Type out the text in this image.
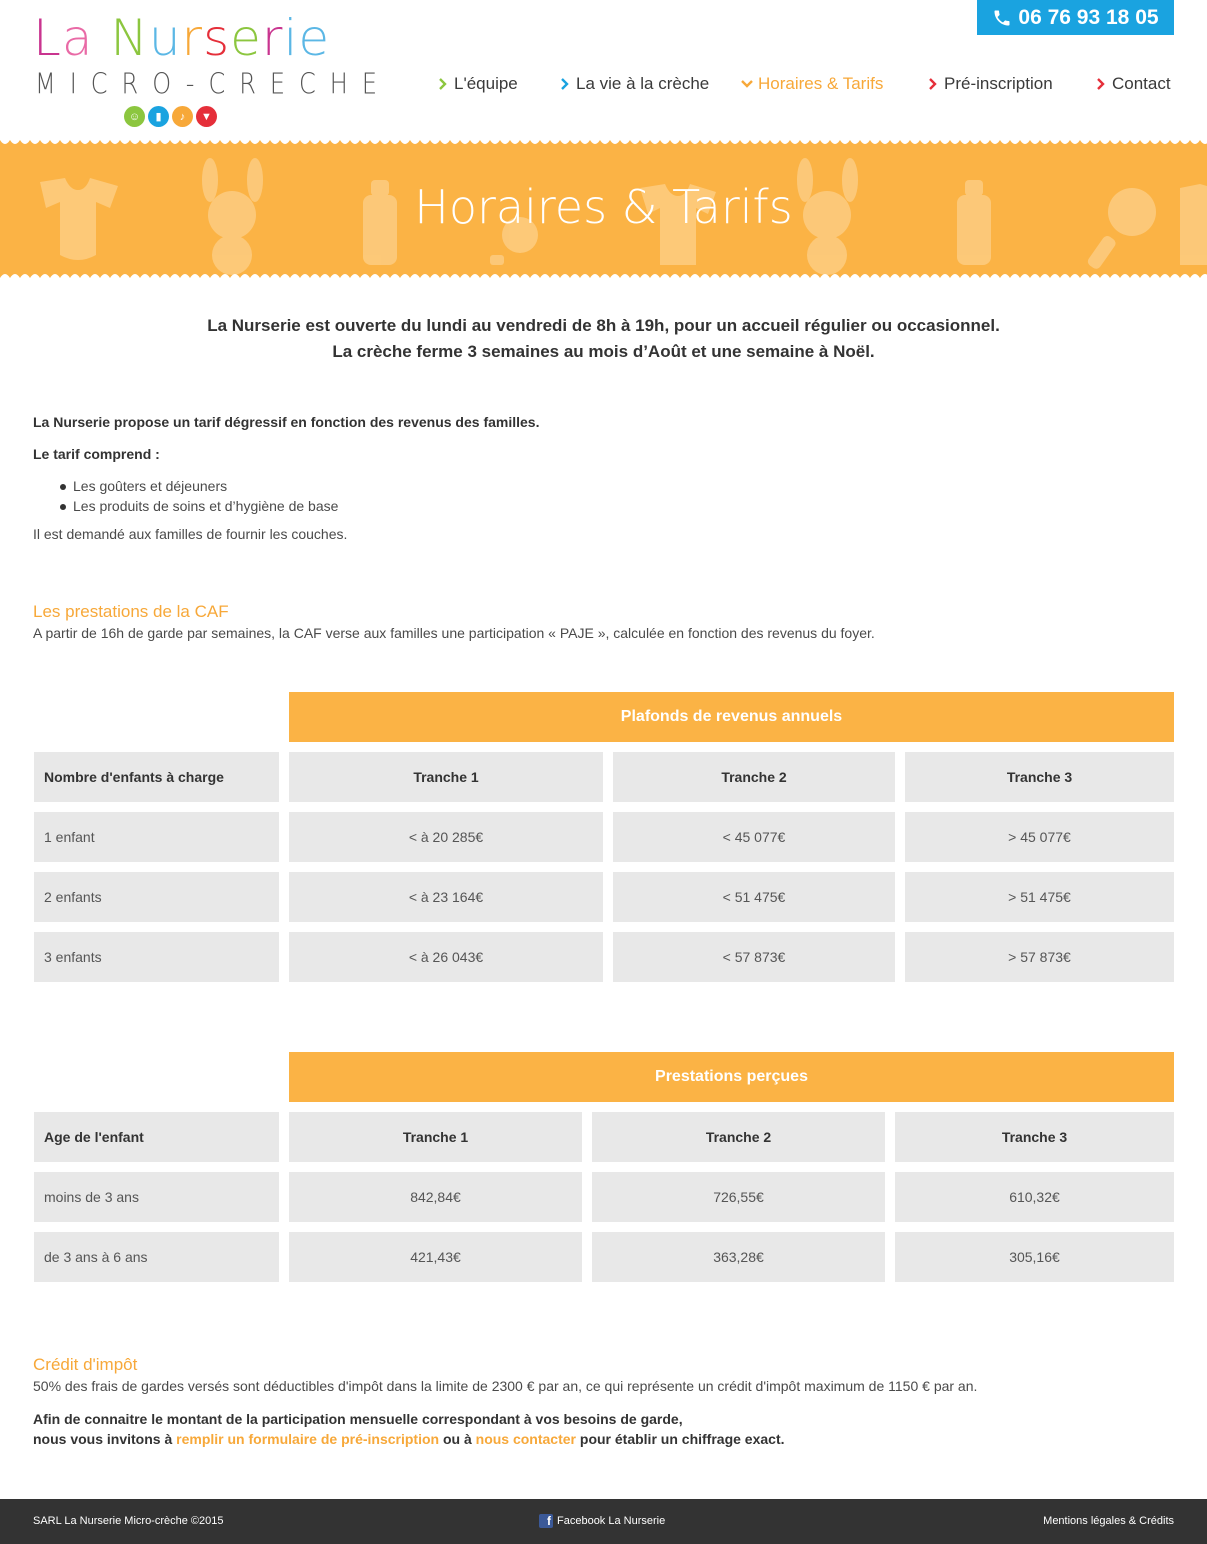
La Nurserie
MICRO-CRECHE
☺	▮	♪	▼
06 76 93 18 05
L'équipe	La vie à la crèche	Horaires & Tarifs	Pré-inscription	Contact
Horaires & Tarifs
La Nurserie est ouverte du lundi au vendredi de 8h à 19h, pour un accueil régulier ou occasionnel.
La crèche ferme 3 semaines au mois d’Août et une semaine à Noël.

La Nurserie propose un tarif dégressif en fonction des revenus des familles.

Le tarif comprend :

Les goûters et déjeuners
Les produits de soins et d’hygiène de base

Il est demandé aux familles de fournir les couches.

Les prestations de la CAF

A partir de 16h de garde par semaines, la CAF verse aux familles une participation « PAJE », calculée en fonction des revenus du foyer.

Plafonds de revenus annuels
Nombre d'enfants à charge	Tranche 1	Tranche 2	Tranche 3
1 enfant	< à 20 285€	< 45 077€	> 45 077€
2 enfants	< à 23 164€	< 51 475€	> 51 475€
3 enfants	< à 26 043€	< 57 873€	> 57 873€
Prestations perçues
Age de l'enfant	Tranche 1	Tranche 2	Tranche 3
moins de 3 ans	842,84€	726,55€	610,32€
de 3 ans à 6 ans	421,43€	363,28€	305,16€
Crédit d'impôt

50% des frais de gardes versés sont déductibles d'impôt dans la limite de 2300 € par an, ce qui représente un crédit d'impôt maximum de 1150 € par an.

Afin de connaitre le montant de la participation mensuelle correspondant à vos besoins de garde,
nous vous invitons à remplir un formulaire de pré-inscription ou à nous contacter pour établir un chiffrage exact.

SARL La Nurserie Micro-crèche ©2015	f Facebook La Nurserie	Mentions légales & Crédits
